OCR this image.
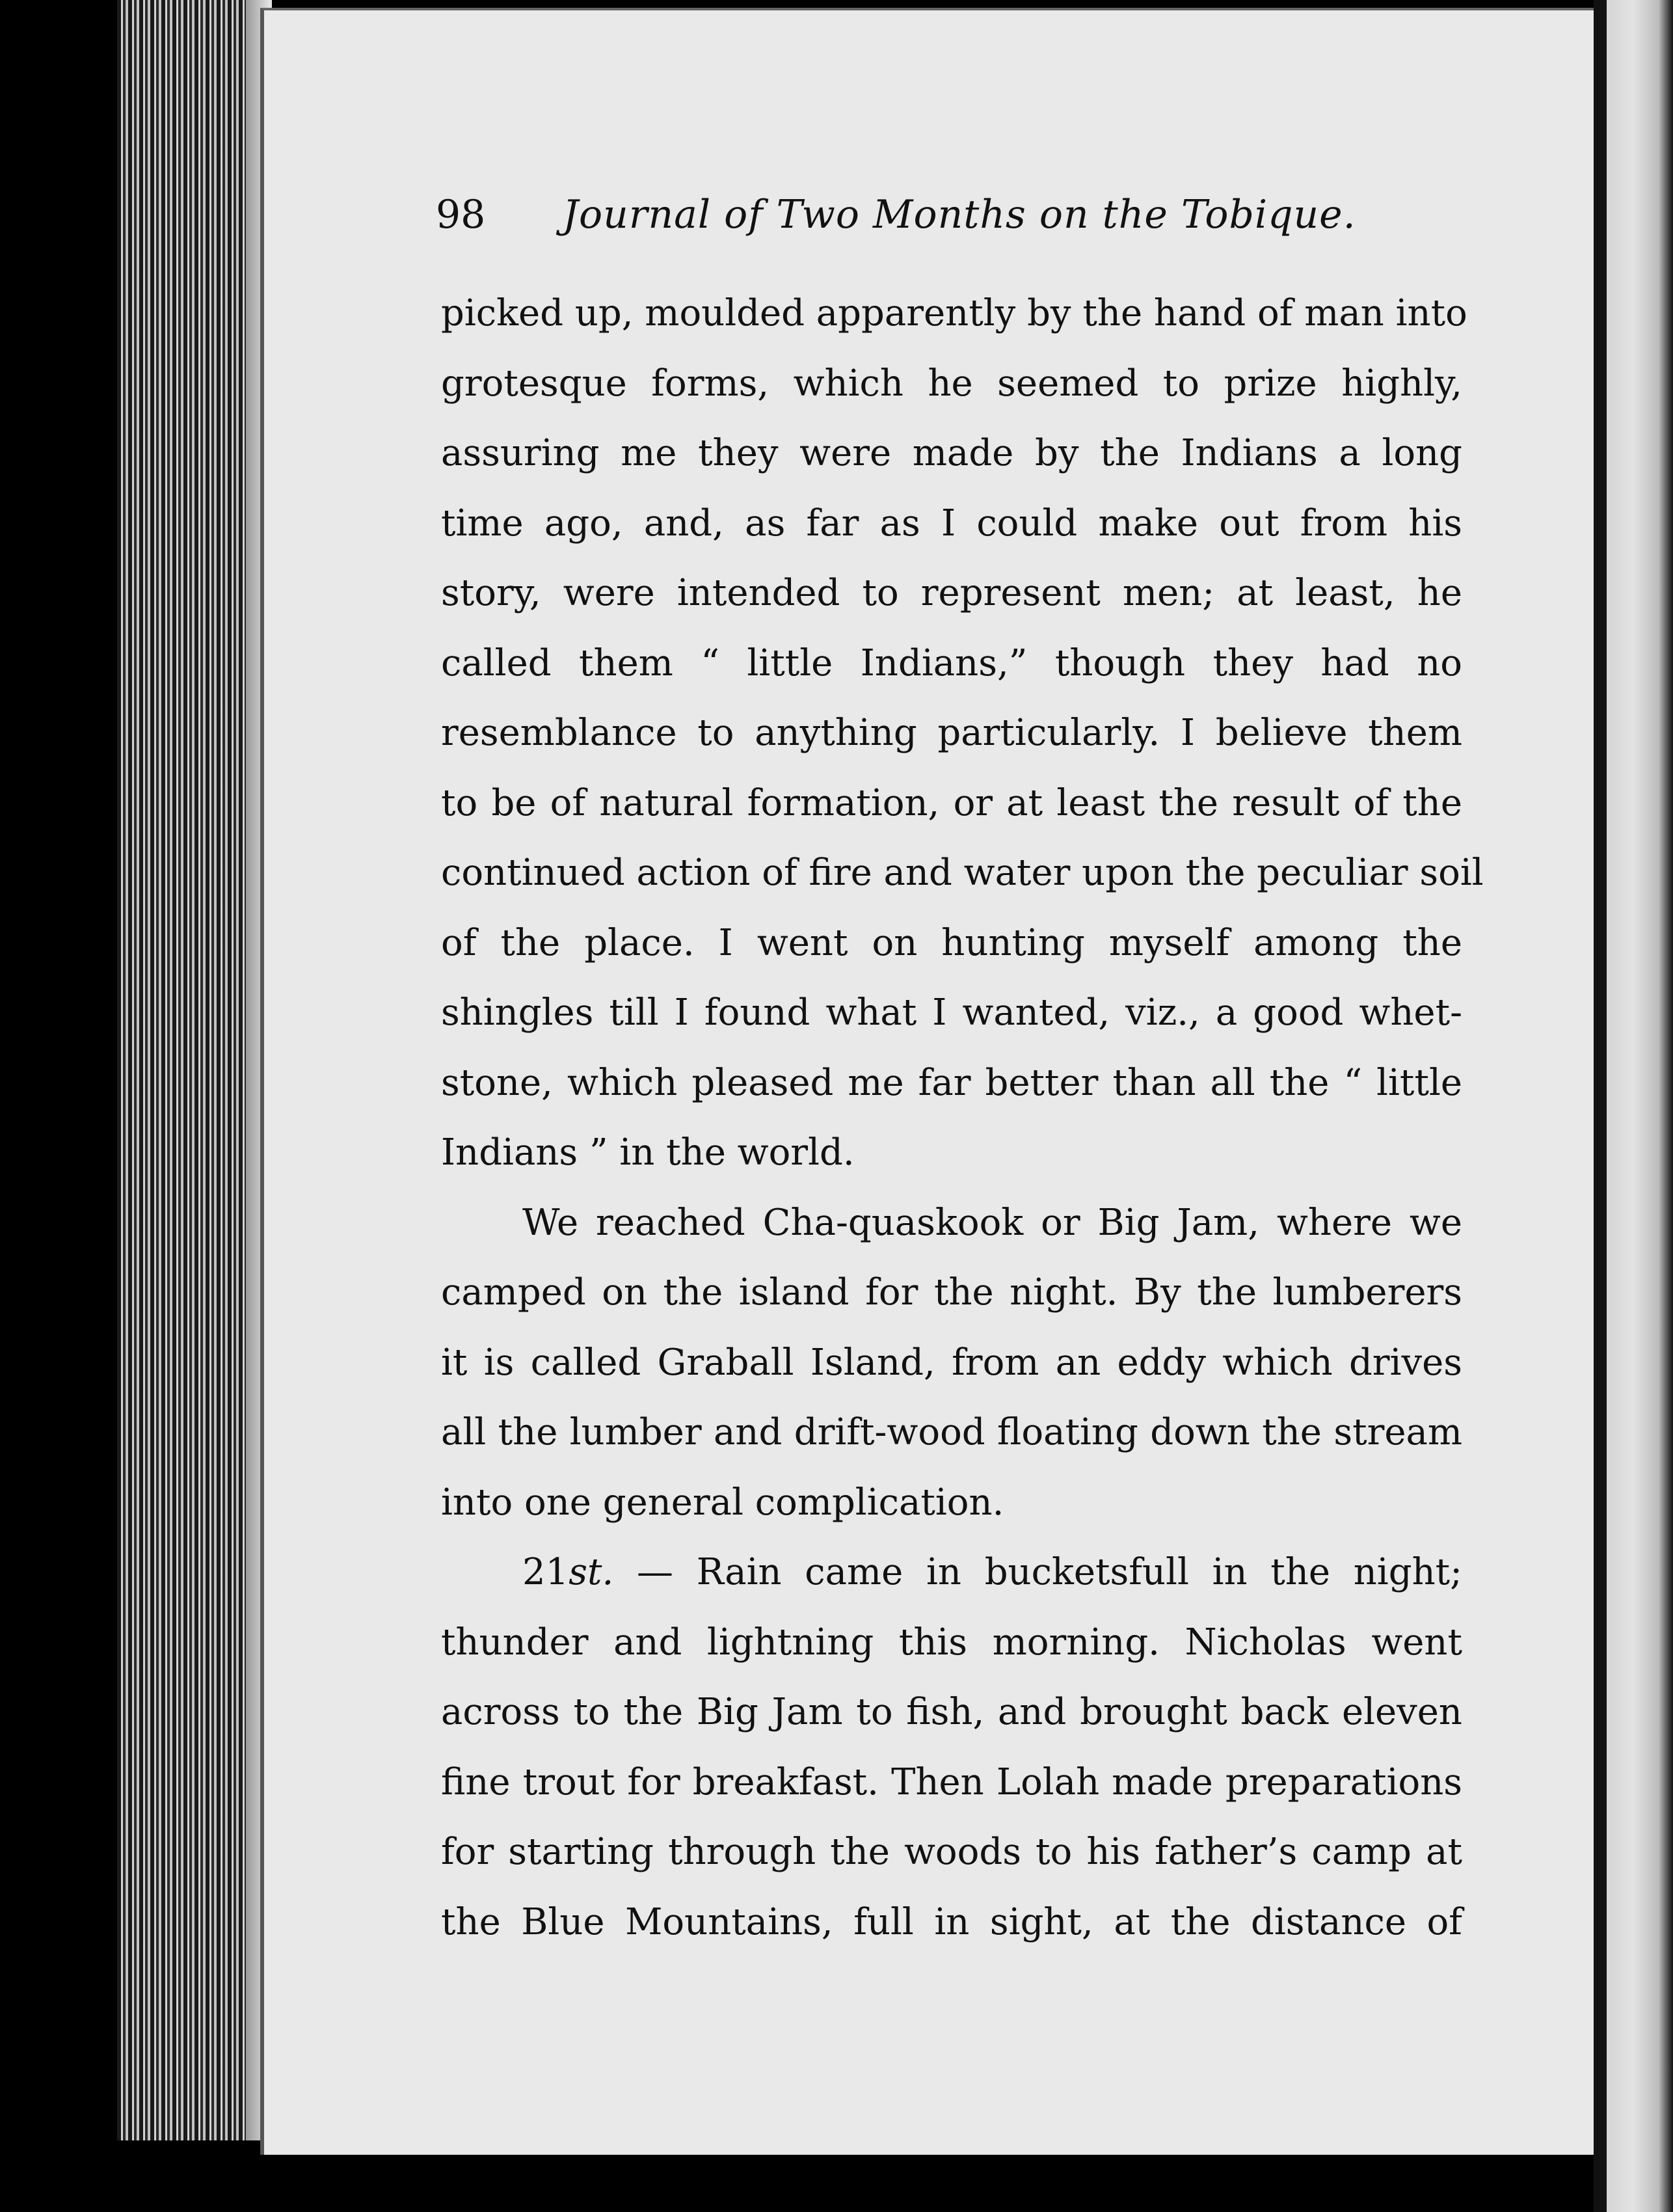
98 Journal of Two Months on the Tobique.
picked up, moulded apparently by the hand of man into
grotesque forms, which he seemed to prize highly,
assuring me they were made by the Indians a long
time ago, and, as far as I could make out from his
story, were intended to represent men; at least, he
called them “ little Indians,” though they had no
resemblance to anything particularly. I believe them
to be of natural formation, or at least the result of the
continued action of fire and water upon the peculiar soil
of the place. I went on hunting myself among the
shingles till I found what I wanted, viz., a good whet-
stone, which pleased me far better than all the “ little
Indians ” in the world.
We reached Cha-quaskook or Big Jam, where we
camped on the island for the night. By the lumberers
it is called Graball Island, from an eddy which drives
all the lumber and drift-wood floating down the stream
into one general complication.
21st. — Rain came in bucketsfull in the night;
thunder and lightning this morning. Nicholas went
across to the Big Jam to fish, and brought back eleven
fine trout for breakfast. Then Lolah made preparations
for starting through the woods to his father’s camp at
the Blue Mountains, full in sight, at the distance of
